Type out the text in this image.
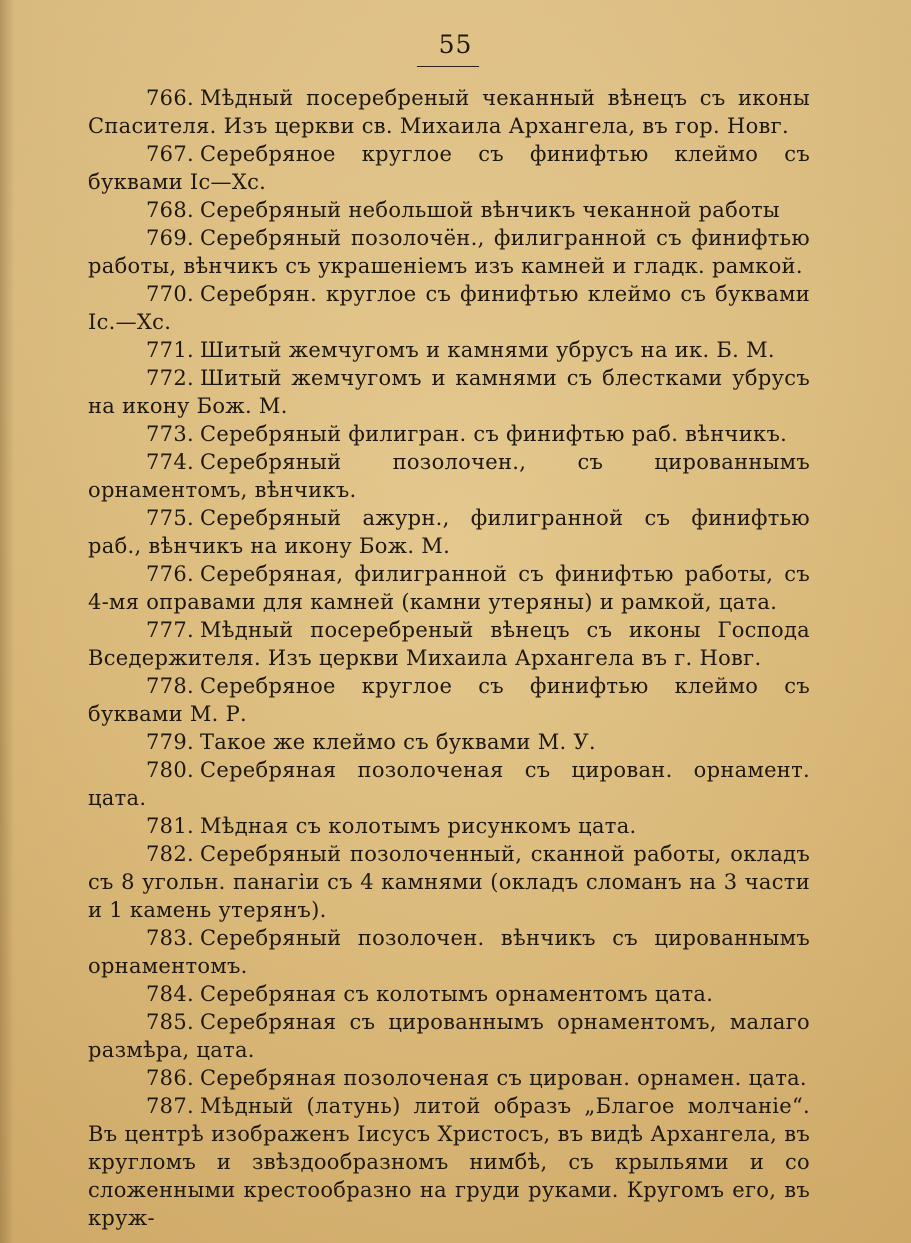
55

766. Мѣдный посеребреный чеканный вѣнецъ съ иконы Спасителя. Изъ церкви св. Михаила Архангела, въ гор. Новг.

767. Серебряное круглое съ финифтью клеймо съ буквами Іс—Хс.

768. Серебряный небольшой вѣнчикъ чеканной работы

769. Серебряный позолочён., филигранной съ финифтью работы, вѣнчикъ съ украшеніемъ изъ камней и гладк. рамкой.

770. Серебрян. круглое съ финифтью клеймо съ буквами Іс.—Хс.

771. Шитый жемчугомъ и камнями убрусъ на ик. Б. М.

772. Шитый жемчугомъ и камнями съ блестками убрусъ на икону Бож. М.

773. Серебряный филигран. съ финифтью раб. вѣнчикъ.

774. Серебряный позолочен., съ цированнымъ орнаментомъ, вѣнчикъ.

775. Серебряный ажурн., филигранной съ финифтью раб., вѣнчикъ на икону Бож. М.

776. Серебряная, филигранной съ финифтью работы, съ 4-мя оправами для камней (камни утеряны) и рамкой, цата.

777. Мѣдный посеребреный вѣнецъ съ иконы Господа Вседержителя. Изъ церкви Михаила Архангела въ г. Новг.

778. Серебряное круглое съ финифтью клеймо съ буквами М. Р.

779. Такое же клеймо съ буквами М. У.

780. Серебряная позолоченая съ цирован. орнамент. цата.

781. Мѣдная съ колотымъ рисункомъ цата.

782. Серебряный позолоченный, сканной работы, окладъ съ 8 угольн. панагіи съ 4 камнями (окладъ сломанъ на 3 части и 1 камень утерянъ).

783. Серебряный позолочен. вѣнчикъ съ цированнымъ орнаментомъ.

784. Серебряная съ колотымъ орнаментомъ цата.

785. Серебряная съ цированнымъ орнаментомъ, малаго размѣра, цата.

786. Серебряная позолоченая съ цирован. орнамен. цата.

787. Мѣдный (латунь) литой образъ „Благое молчаніе“. Въ центрѣ изображенъ Іисусъ Христосъ, въ видѣ Архангела, въ кругломъ и звѣздообразномъ нимбѣ, съ крыльями и со сложенными крестообразно на груди руками. Кругомъ его, въ круж-
